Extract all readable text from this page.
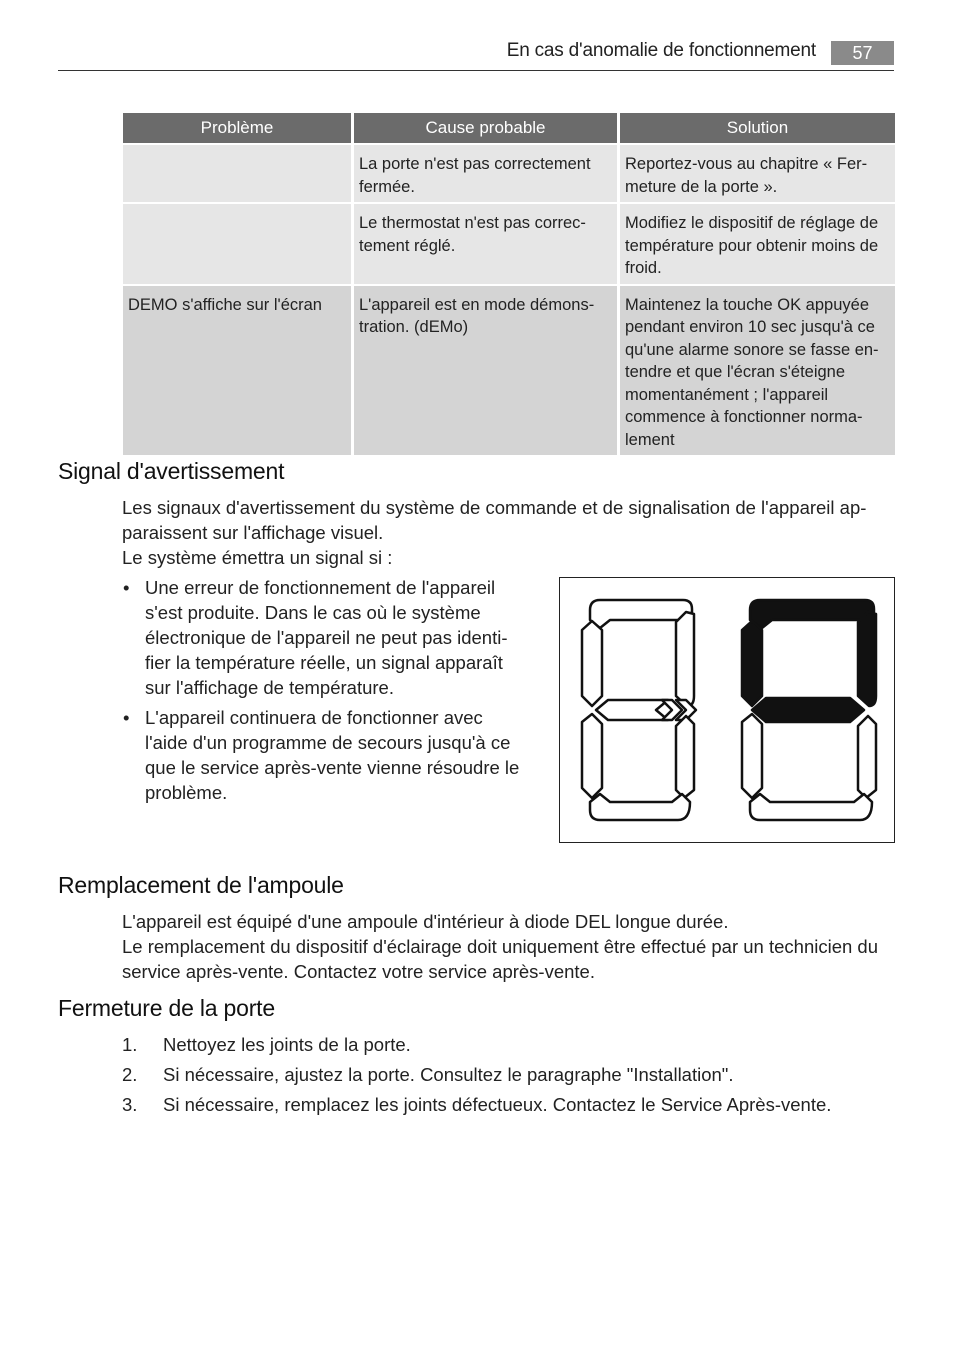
En cas d'anomalie de fonctionnement	57
Problème	Cause probable	Solution
	La porte n'est pas correctement fermée.	Reportez-vous au chapitre « Fer-meture de la porte ».
	Le thermostat n'est pas correc-tement réglé.	Modifiez le dispositif de réglage de température pour obtenir moins de froid.
DEMO s'affiche sur l'écran	L'appareil est en mode démons-tration. (dEMo)	Maintenez la touche OK appuyée pendant environ 10 sec jusqu'à ce qu'une alarme sonore se fasse en-tendre et que l'écran s'éteigne momentanément ; l'appareil commence à fonctionner norma-lement
Signal d'avertissement

Les signaux d'avertissement du système de commande et de signalisation de l'appareil ap-paraissent sur l'affichage visuel.

Le système émettra un signal si :

• Une erreur de fonctionnement de l'appareil s'est produite. Dans le cas où le système électronique de l'appareil ne peut pas identi-fier la température réelle, un signal apparaît sur l'affichage de température.
• L'appareil continuera de fonctionner avec l'aide d'un programme de secours jusqu'à ce que le service après-vente vienne résoudre le problème.
Remplacement de l'ampoule

L'appareil est équipé d'une ampoule d'intérieur à diode DEL longue durée.

Le remplacement du dispositif d'éclairage doit uniquement être effectué par un technicien du service après-vente. Contactez votre service après-vente.

Fermeture de la porte
1. Nettoyez les joints de la porte.
2. Si nécessaire, ajustez la porte. Consultez le paragraphe "Installation".
3. Si nécessaire, remplacez les joints défectueux. Contactez le Service Après-vente.
